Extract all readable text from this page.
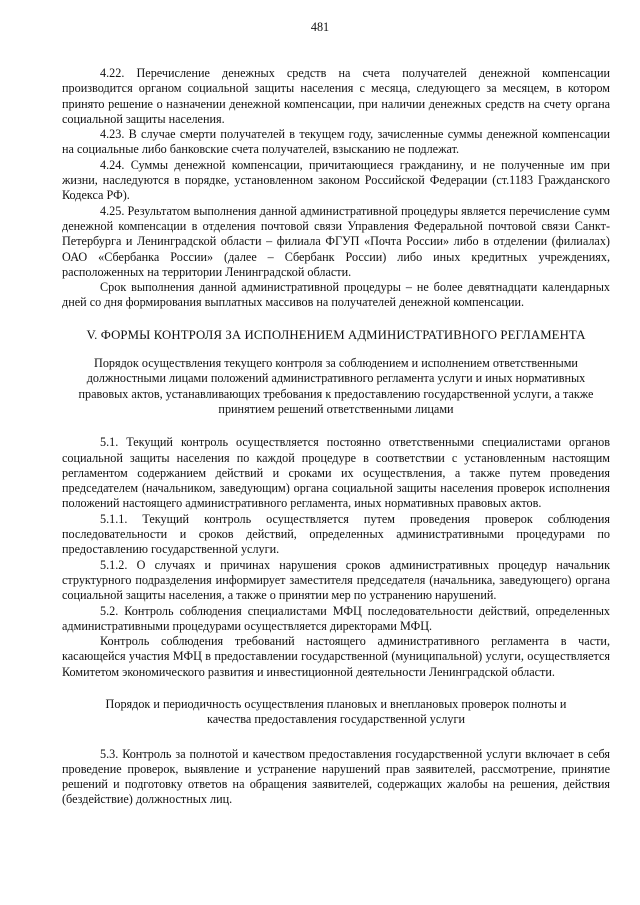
481

4.22. Перечисление денежных средств на счета получателей денежной компенсации производится органом социальной защиты населения с месяца, следующего за месяцем, в котором принято решение о назначении денежной компенсации, при наличии денежных средств на счету органа социальной защиты населения.

4.23. В случае смерти получателей в текущем году, зачисленные суммы денежной компенсации на социальные либо банковские счета получателей, взысканию не подлежат.

4.24. Суммы денежной компенсации, причитающиеся гражданину, и не полученные им при жизни, наследуются в порядке, установленном законом Российской Федерации (ст.1183 Гражданского Кодекса РФ).

4.25. Результатом выполнения данной административной процедуры является перечисление сумм денежной компенсации в отделения почтовой связи Управления Федеральной почтовой связи Санкт-Петербурга и Ленинградской области – филиала ФГУП «Почта России» либо в отделении (филиалах) ОАО «Сбербанка России» (далее – Сбербанк России) либо иных кредитных учреждениях, расположенных на территории Ленинградской области.

Срок выполнения данной административной процедуры – не более девятнадцати календарных дней со дня формирования выплатных массивов на получателей денежной компенсации.

V. ФОРМЫ КОНТРОЛЯ ЗА ИСПОЛНЕНИЕМ АДМИНИСТРАТИВНОГО РЕГЛАМЕНТА
Порядок осуществления текущего контроля за соблюдением и исполнением ответственными должностными лицами положений административного регламента услуги и иных нормативных правовых актов, устанавливающих требования к предоставлению государственной услуги, а также принятием решений ответственными лицами

5.1. Текущий контроль осуществляется постоянно ответственными специалистами органов социальной защиты населения по каждой процедуре в соответствии с установленным настоящим регламентом содержанием действий и сроками их осуществления, а также путем проведения председателем (начальником, заведующим) органа социальной защиты населения проверок исполнения положений настоящего административного регламента, иных нормативных правовых актов.

5.1.1. Текущий контроль осуществляется путем проведения проверок соблюдения последовательности и сроков действий, определенных административными процедурами по предоставлению государственной услуги.

5.1.2. О случаях и причинах нарушения сроков административных процедур начальник структурного подразделения информирует заместителя председателя (начальника, заведующего) органа социальной защиты населения, а также о принятии мер по устранению нарушений.

5.2. Контроль соблюдения специалистами МФЦ последовательности действий, определенных административными процедурами осуществляется директорами МФЦ.

Контроль соблюдения требований настоящего административного регламента в части, касающейся участия МФЦ в предоставлении государственной (муниципальной) услуги, осуществляется Комитетом экономического развития и инвестиционной деятельности Ленинградской области.

Порядок и периодичность осуществления плановых и внеплановых проверок полноты и качества предоставления государственной услуги

5.3. Контроль за полнотой и качеством предоставления государственной услуги включает в себя проведение проверок, выявление и устранение нарушений прав заявителей, рассмотрение, принятие решений и подготовку ответов на обращения заявителей, содержащих жалобы на решения, действия (бездействие) должностных лиц.
